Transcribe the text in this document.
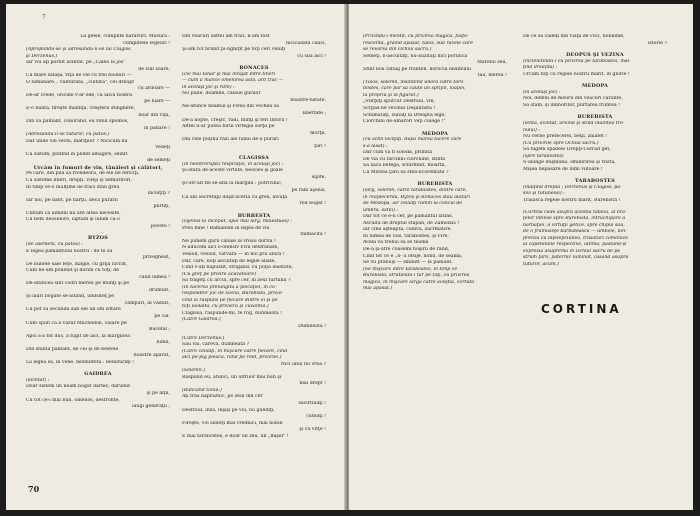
7
La geele, cumplite nărăvuri. Măsura :
cumplitele legeuri !
(Apropiindu-se şi adresându-li-se lui Clagiss
şi Derzenus.)
Iar voi aţi pornit avîntat, pe „Calea la jos"
de sub soare,
Ca mare sălaşă, viţa de vie cu trei bioduri —
O lumânare... vânturată, „ciutată", cei dreapt
cu ardoare —
De-ar crede, oricine v-ar ede, că laiva nostră
pe luare —
E-o bântă, fireşte măldiţă, creşterii stinghere,
doar din viţă,
Din va pământ, coborând, ea vinul spomos,
în pahare !
(Adresându-li-se tuturor, cu patos.)
Dar unde vin vechi, măriţilor ? Nicicum nu
vedeţi
Că sistem, plutind în plimb-amăgire, seînlt
de semeţi
Urcăm în fumuri de vin, tânăleri şi călători,
Pe care, din pila să frondeoră, de ele ne fericiţi,
Că sisteme liberi, drepţi, viteji şi nemuritori,
În timp ce-o mulţime de traci stau greu
încolţiţi ?
Iar noi, pe bănt, pe harţii, deca purarii
purtiţi,
Cintăm că uimeni nu are altea necesite,
Că bem deosebire, laptăm şi iubim ca-o
povete !
BYZOS
(de asemeni, cu patos) :
E legea pământului nostru : de fii să
privegheat,
De bunele sale feţe, magie, cu grijă lucrat,
Cum ne-am ponenit şi dorim cu toţi, de
când lumea !
De-atuncea sînt codri mereu pe munţi şi pe
drumuri,
Şi lauri bogate se-aitand, undsiteţ pe
câmpuri, în vaduri,
Că pot să secundă sub ele un om zdtare
pe cal.
Cum spun că a văzut Machedon, călare pe
Bucefal ;
Apoi s-a tot dus, a fugit de aici, la marginea
lumii,
Din sfânta pământ, de cei şi de bestele
noastre apărat,
La legea sa, în vene, nesmintită : neînduraţi !
GAIDREA
(avîntat) :
Doar sistem un neam bogat dărnic, dăruind
şi pe alţii,
Cu tot ce-i mai bun, omenos, desfrofite,
laugi generaţii ;
Din veacuri astfel am trăit, n-am fost
nicicădată calici,
Şi-am tot brănit pi-nghiţit pe toţi ceri veniţi
cu sila aici !
RONACES
(cel mai tânăr şi mai înrăjat între tineri
— cum îl mănce omenirea asta, ard trac —
în acelaşi joc şi ritm) :
Nu pune, doamne, călăue gurilor
noastre-nstate,
Ne-atunce neamul şi Firea din vechea sa
libertate ;
De-a nopte, creştc, radi, minţi şi feri întoru !
Altfel n-ar putea birui virtegia sorţii pe
morţii,
Din cele puţinu râzi ale lumii de-a purări
ţări !
CLAGISSA
(în neîntreruptă respiraţie, în acelaşi joc) :
Şi-afară de-aceste vîrtute, neocies şi goale
ispite,
Şi-utr-alt fel se-afla la margini : potrivinic,
pe răni aşezai,
Ca ani secretupi duşd-aceria cu grea, învaţă
rod bogat !
BURBESTA
(vijelios la început, apoi mai larg, maiestuos) :
Prea bine ! Rămânem în legea de voi
tălmăcită !
Ne punem gurii călușe la vreau dorită !
N-aducem aici o-ofensiv Firii desfrânate,
Vesiod, vesiod, vărvară — în noi pra ulură !
Dar, care, noţi ascultaţi de legile aliate,
Cînd v-aţi năpustit, strigând, cu poţia însetate,
(Cu greţ pe privire acuzatoare)
Să trageţi cu arcul, spre cer, în zeul furtunii ?
(În tăcerea prelungită a plecăţiei, în co-
respondtor joc de scenă, Burebista, provo-
cind la răspuns pe fiecare dintre ei şi pe
toţi laolaltă, cu priviera şi cuvântul.)
Clagissa, răspunde-mi, te rog, dumneata !
(Către Gaidrea.)
Dumneata !
(Către Derzenus.)
Sau vai, careva, dumneata ?
(Către ceilalţi, în mişcare către fiecare, cînd
aici pe-pig pleacă, rând pe rînd, privirile.)
Nici unul nu vrea ?
(Solemn.)
Răspund eu, atunci, un ultriior mai bun şi
mai drept !
(Ridicând tonul.)
Aţi tras năpraznic, pe zeul din cer
săvirtinaţi !
Desfrâul, înză, înşişi pe voi, nu gândiţi,
cuteaţi !
Fireşte, voi slăteţi mai vrednici, mai nobili
şi cu vitţe !
E mai tarabostes, e doar un zeu, un „mişel" !
70
(Privindu-i mentit, cu privirea magică, fasfo-
rescentă, grăind apăsat, tăios, sub razele care
se revarsă din Ochiul sacru.)
Semeţi, n-ascultaţi, nu-auzitaţi nici porunca
Marelui zeu,
Sfînt nou tatuaj pe frunten, norocul neamului
tău, mereu !
(Tăios, solemn, însinitind unora către taro-
bostes, care par să caute un sprijin, loapoi,
la propriu şi la figurat.)
„Stîrpiţi spurcat Desfrâul, vin,
Scrpăs-ne vecinul Deşântista !
Schimataţi, sunaţi la Dreapta lege,
Ciorchini de-amarori veţi culege !"
MEDOPA
(cu ochii loclţaţi, după marea tăcere care
s-a lăsat) :
Dar cum va fi soloda, primită
De via cu farcinni-ciorchine, sfîntă
Să zacă betegă, schirmnit, moartă,
Ca Mintea ţării să stea-ncorentată ?
BUREBISTA
(larg, solemn, către tarabostes, dintre care,
în reapiecerdă, Byzos şi Ronaces stau alături
de Medopa, iar ceilalţi rămîn la concul de
umbră, ostili) :
Dar tot ce e-n cer, pe pământul latins.
Ascultă de dreptul stăpân, de Zamolxis !
Iar cine aşteaptă, cumva, zăcrmătire,
În lumea de Sus, tarabostes, şi Fire,
Acela va trebui să se teamă
De-a şi-atre coasemi noşirii de rând,
Cînd tot ce e „n- u ofsije, nobil, de seamă,
Se vu prăbuşi — sminitt — la pământ.
(Se mişcare între tarabostes, în timp ce
Burebista, strutându-i tar pe toţi, cu privirea
magică, în mişcare largă către aceştia, cortuta
mai apăsat.)
De ce să cădeţi din viaţa de voci, nobilime,
istorie ?
DEOPUS ŞI VEZINA
(înclenitindu-i cu privirea pe tarabostes, înăl-
ţînd dreapta) :
Urcăm toţi cu regele nostru mărit, în glorie !
MEDOPA
(în acelaşi joc) :
Noi, demni de meurii din veacuri cărunte,
Să stăm, şi înnnoritor, purtarea fruntea !
BUREBISTA
(lentă, avîntat, ureînd şi stînd înaintea tro-
nului) :
Nu cerbe pretecerei, beţii, zaiafet !
(Cu privirile spre Ochiul sacru.)
Să fugem spadele Drepţi-Cerrad get,
(spre tarabostes)
S-alunge duşmanii, sminirirea şi trista,
Mişea nepăsare de lumi viitoare !
TARABOSTES
(înălţînd dreptă ; Derzenus şi Clagiss, pa-
sivi şi tutunessi) :
Trăiască regele nostru mărit, Burebista !
(Cortina cade asupra acestui tablou, al bra-
ţelor întinse spre Burebista, întruchipare a
bărbăţiei, a virtuţii getice, spre chipul său,
de o frumuseţe bărbătească — umbele, bin-
prenză cu înţelepciunea, trăsături comonice
la căpetenille respective, ultima, păstând-și
expresia asupremă în Ochiul sacru de pe
strum ţării, paternic luminat, căsănd asupra
tuturor, acum.)
CORTINA
